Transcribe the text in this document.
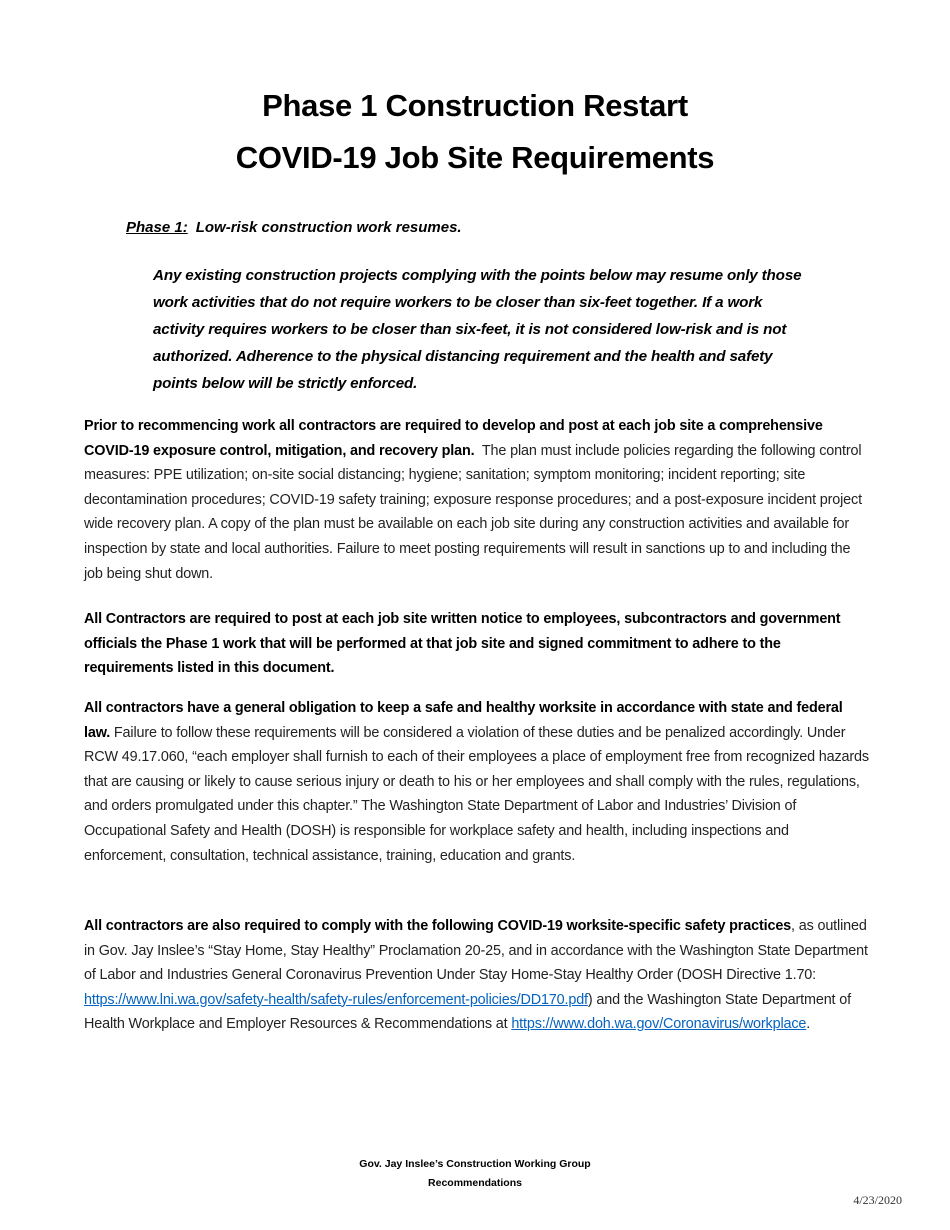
Phase 1 Construction Restart
COVID-19 Job Site Requirements
Phase 1: Low-risk construction work resumes.
Any existing construction projects complying with the points below may resume only those work activities that do not require workers to be closer than six-feet together. If a work activity requires workers to be closer than six-feet, it is not considered low-risk and is not authorized. Adherence to the physical distancing requirement and the health and safety points below will be strictly enforced.
Prior to recommencing work all contractors are required to develop and post at each job site a comprehensive COVID-19 exposure control, mitigation, and recovery plan.  The plan must include policies regarding the following control measures: PPE utilization; on-site social distancing; hygiene; sanitation; symptom monitoring; incident reporting; site decontamination procedures; COVID-19 safety training; exposure response procedures; and a post-exposure incident project wide recovery plan. A copy of the plan must be available on each job site during any construction activities and available for inspection by state and local authorities. Failure to meet posting requirements will result in sanctions up to and including the job being shut down.
All Contractors are required to post at each job site written notice to employees, subcontractors and government officials the Phase 1 work that will be performed at that job site and signed commitment to adhere to the requirements listed in this document.
All contractors have a general obligation to keep a safe and healthy worksite in accordance with state and federal law. Failure to follow these requirements will be considered a violation of these duties and be penalized accordingly. Under RCW 49.17.060, “each employer shall furnish to each of their employees a place of employment free from recognized hazards that are causing or likely to cause serious injury or death to his or her employees and shall comply with the rules, regulations, and orders promulgated under this chapter.” The Washington State Department of Labor and Industries’ Division of Occupational Safety and Health (DOSH) is responsible for workplace safety and health, including inspections and enforcement, consultation, technical assistance, training, education and grants.
All contractors are also required to comply with the following COVID-19 worksite-specific safety practices, as outlined in Gov. Jay Inslee’s “Stay Home, Stay Healthy” Proclamation 20-25, and in accordance with the Washington State Department of Labor and Industries General Coronavirus Prevention Under Stay Home-Stay Healthy Order (DOSH Directive 1.70: https://www.lni.wa.gov/safety-health/safety-rules/enforcement-policies/DD170.pdf) and the Washington State Department of Health Workplace and Employer Resources & Recommendations at https://www.doh.wa.gov/Coronavirus/workplace.
Gov. Jay Inslee’s Construction Working Group
Recommendations
4/23/2020
